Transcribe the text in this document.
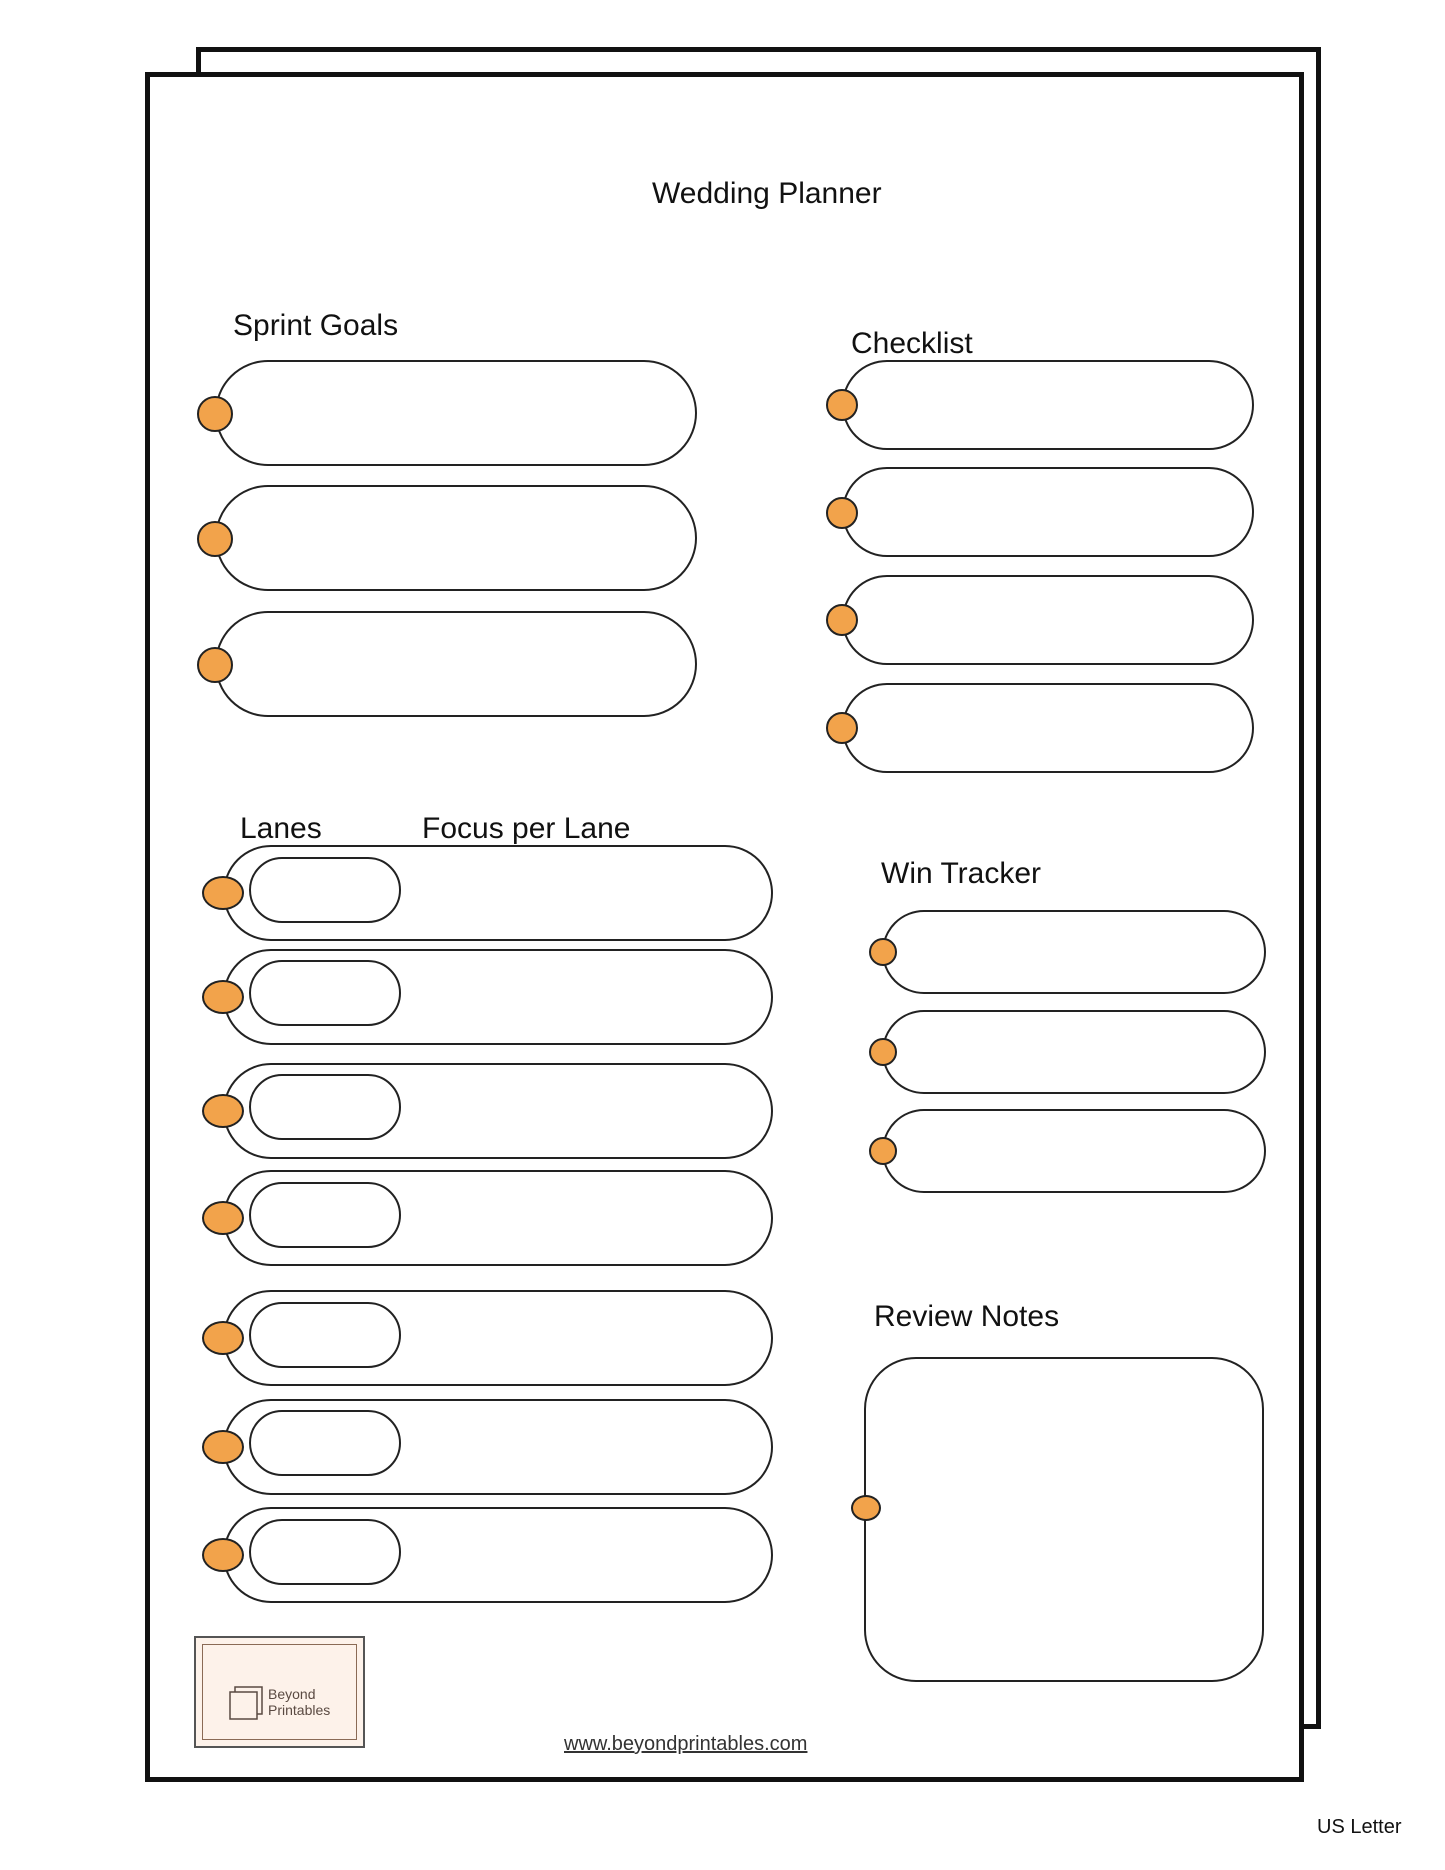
Wedding Planner
Sprint Goals
Checklist
Lanes	Focus per Lane
Win Tracker
Review Notes
Beyond
Printables
www.beyondprintables.com
US Letter
